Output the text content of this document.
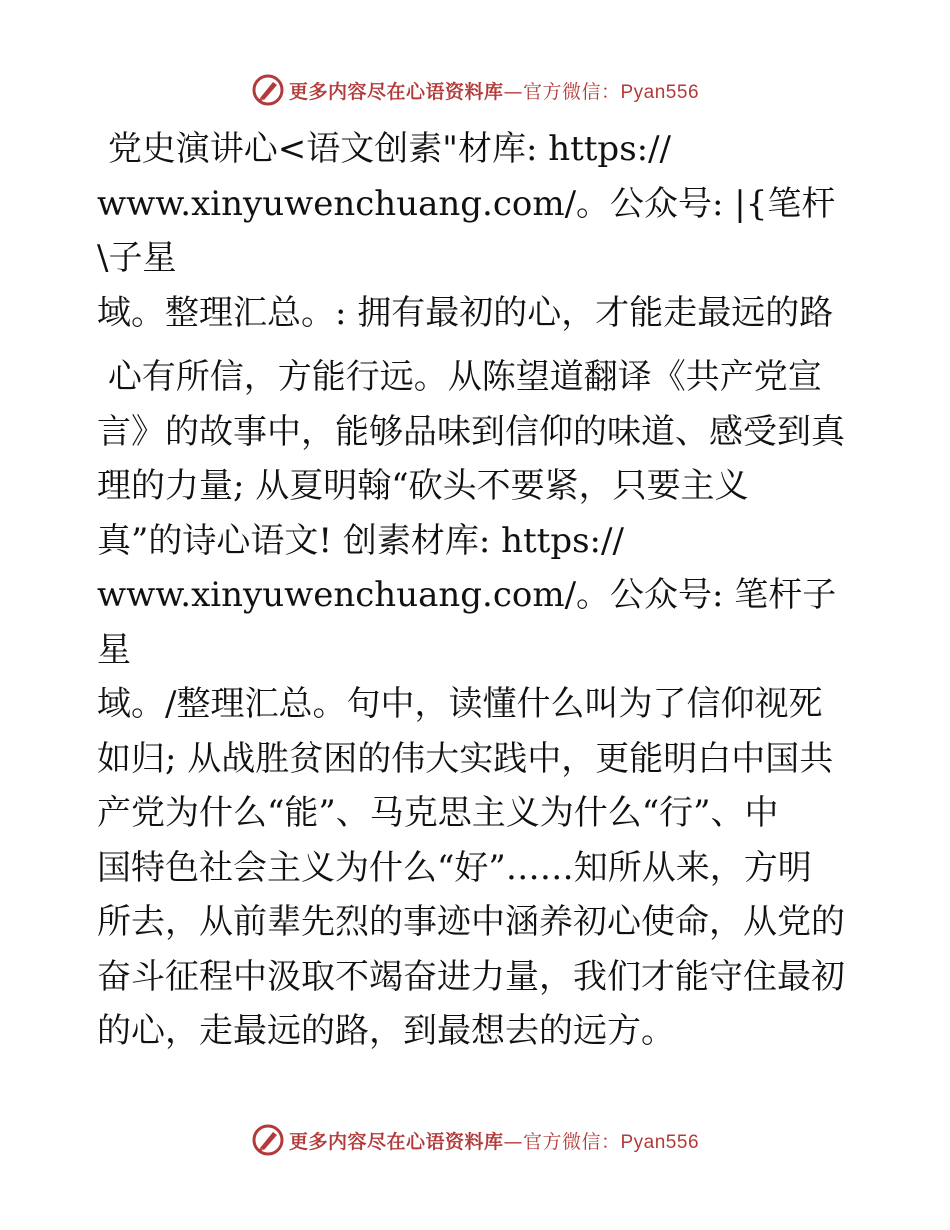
更多内容尽在心语资料库—官方微信：Pyan556

党史演讲心<语文创素"材库: https://
www.xinyuwenchuang.com/。公众号: |{笔杆\子星
域。整理汇总。: 拥有最初的心，才能走最远的路

心有所信，方能行远。从陈望道翻译《共产党宣
言》的故事中，能够品味到信仰的味道、感受到真
理的力量; 从夏明翰“砍头不要紧，只要主义
真”的诗心语文! 创素材库: https://
www.xinyuwenchuang.com/。公众号: 笔杆子星
域。/整理汇总。句中，读懂什么叫为了信仰视死
如归; 从战胜贫困的伟大实践中，更能明白中国共
产党为什么“能”、马克思主义为什么“行”、中
国特色社会主义为什么“好”……知所从来，方明
所去，从前辈先烈的事迹中涵养初心使命，从党的
奋斗征程中汲取不竭奋进力量，我们才能守住最初
的心，走最远的路，到最想去的远方。

更多内容尽在心语资料库—官方微信：Pyan556
